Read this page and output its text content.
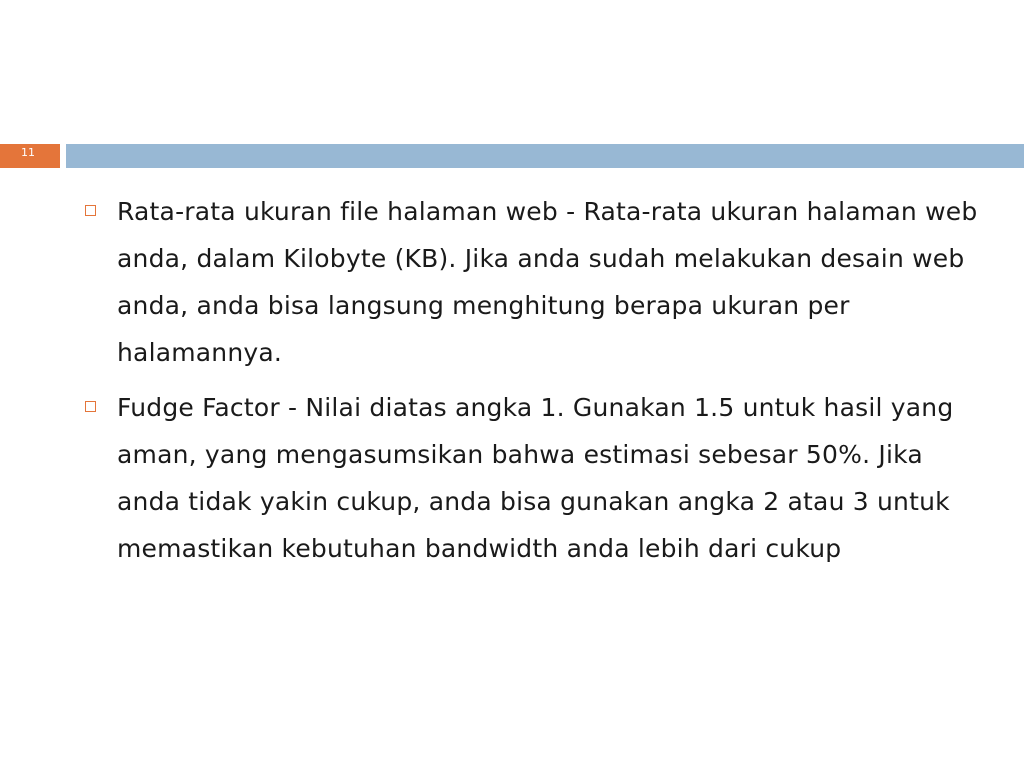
11
Rata-rata ukuran file halaman web - Rata-rata ukuran halaman web anda, dalam Kilobyte (KB). Jika anda sudah melakukan desain web anda, anda bisa langsung menghitung berapa ukuran per halamannya.
Fudge Factor - Nilai diatas angka 1. Gunakan 1.5 untuk hasil yang aman, yang mengasumsikan bahwa estimasi sebesar 50%. Jika anda tidak yakin cukup, anda bisa gunakan angka 2 atau 3 untuk memastikan kebutuhan bandwidth anda lebih dari cukup
